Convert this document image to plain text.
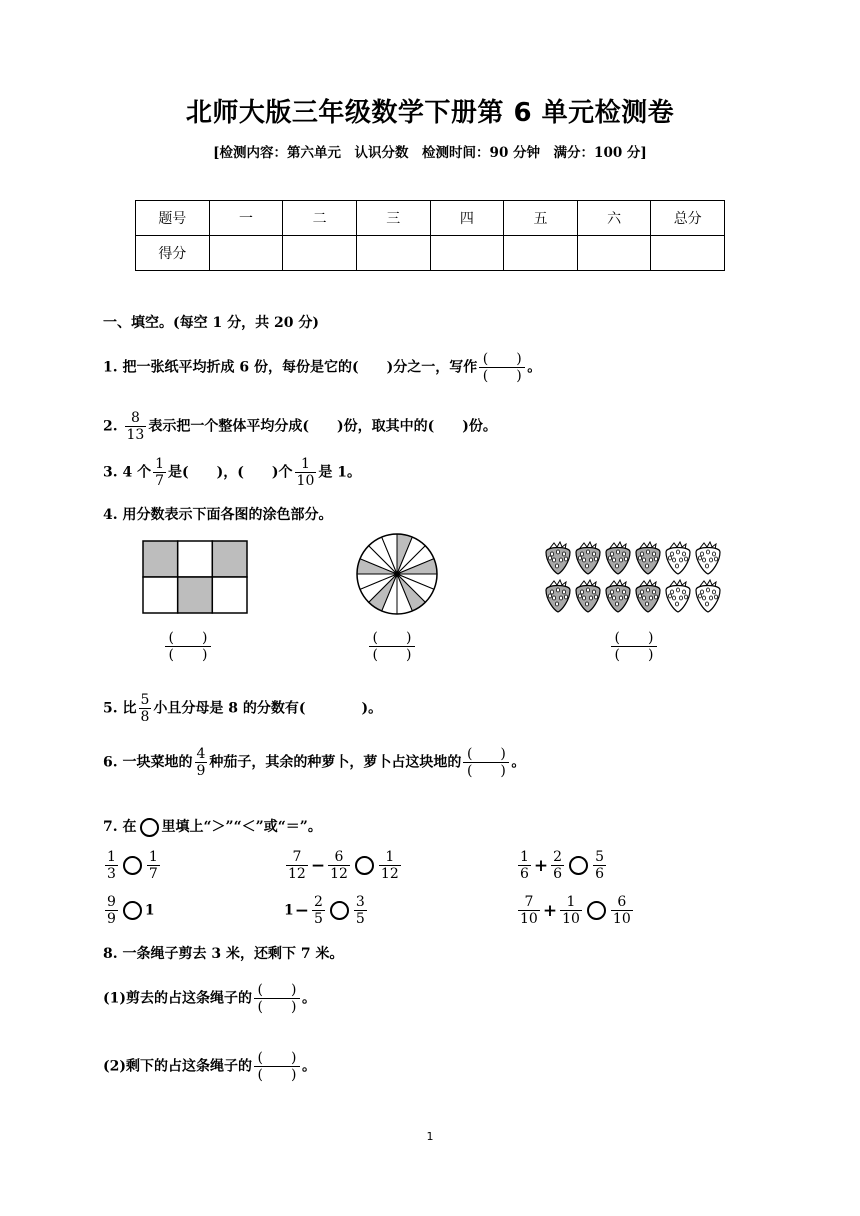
北师大版三年级数学下册第 6 单元检测卷
[检测内容：第六单元　认识分数　检测时间：90 分钟　满分：100 分]
题号	一	二	三	四	五	六	总分
得分							
一、填空。(每空 1 分，共 20 分)
1. 把一张纸平均折成 6 份，每份是它的(　　)分之一，写作 $\frac{( )}{( )}$ 。
2. $\frac{8}{13}$ 表示把一个整体平均分成(　　)份，取其中的(　　)份。
3. 4 个 $\frac{1}{7}$ 是(　　)，(　　)个 $\frac{1}{10}$ 是 1。
4. 用分数表示下面各图的涂色部分。
$\frac{( )}{( )}$	$\frac{( )}{( )}$	$\frac{( )}{( )}$
5. 比 $\frac{5}{8}$ 小且分母是 8 的分数有(　　　　)。
6. 一块菜地的 $\frac{4}{9}$ 种茄子，其余的种萝卜，萝卜占这块地的 $\frac{( )}{( )}$ 。
7. 在 里填上“＞”“＜”或“＝”。
$\frac{1}{3} \frac{1}{7}$	$\frac{7}{12} - \frac{6}{12} \frac{1}{12}$	$\frac{1}{6} + \frac{2}{6} \frac{5}{6}$
$\frac{9}{9} 1$	$1- \frac{2}{5} \frac{3}{5}$	$\frac{7}{10} + \frac{1}{10} \frac{6}{10}$
8. 一条绳子剪去 3 米，还剩下 7 米。
(1)剪去的占这条绳子的 $\frac{( )}{( )}$ 。
(2)剩下的占这条绳子的 $\frac{( )}{( )}$ 。
1
